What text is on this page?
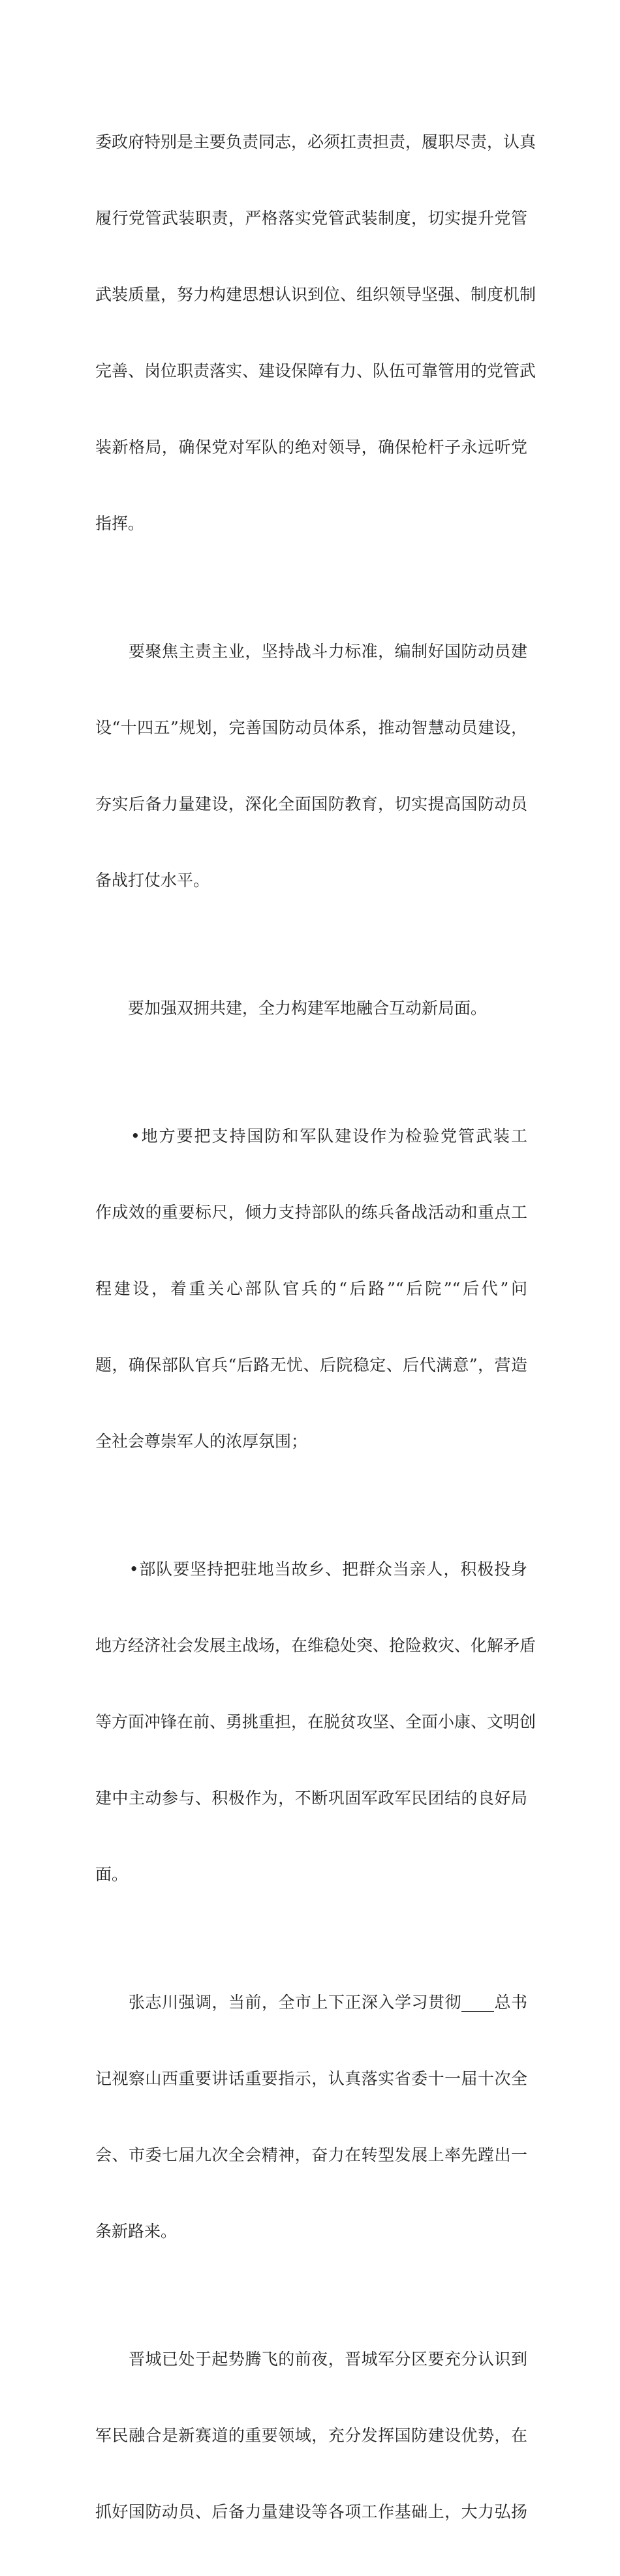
委政府特别是主要负责同志，必须扛责担责，履职尽责，认真

履行党管武装职责，严格落实党管武装制度，切实提升党管

武装质量，努力构建思想认识到位、组织领导坚强、制度机制

完善、岗位职责落实、建设保障有力、队伍可靠管用的党管武

装新格局，确保党对军队的绝对领导，确保枪杆子永远听党

指挥。

　　要聚焦主责主业，坚持战斗力标准，编制好国防动员建

设“十四五”规划，完善国防动员体系，推动智慧动员建设，

夯实后备力量建设，深化全面国防教育，切实提高国防动员

备战打仗水平。

　　要加强双拥共建，全力构建军地融合互动新局面。

　　•地方要把支持国防和军队建设作为检验党管武装工

作成效的重要标尺，倾力支持部队的练兵备战活动和重点工

程建设，着重关心部队官兵的“后路”“后院”“后代”问

题，确保部队官兵“后路无忧、后院稳定、后代满意”，营造

全社会尊崇军人的浓厚氛围；

　　•部队要坚持把驻地当故乡、把群众当亲人，积极投身

地方经济社会发展主战场，在维稳处突、抢险救灾、化解矛盾

等方面冲锋在前、勇挑重担，在脱贫攻坚、全面小康、文明创

建中主动参与、积极作为，不断巩固军政军民团结的良好局

面。

　　张志川强调，当前，全市上下正深入学习贯彻____总书

记视察山西重要讲话重要指示，认真落实省委十一届十次全

会、市委七届九次全会精神，奋力在转型发展上率先蹚出一

条新路来。

　　晋城已处于起势腾飞的前夜，晋城军分区要充分认识到

军民融合是新赛道的重要领域，充分发挥国防建设优势，在

抓好国防动员、后备力量建设等各项工作基础上，大力弘扬
